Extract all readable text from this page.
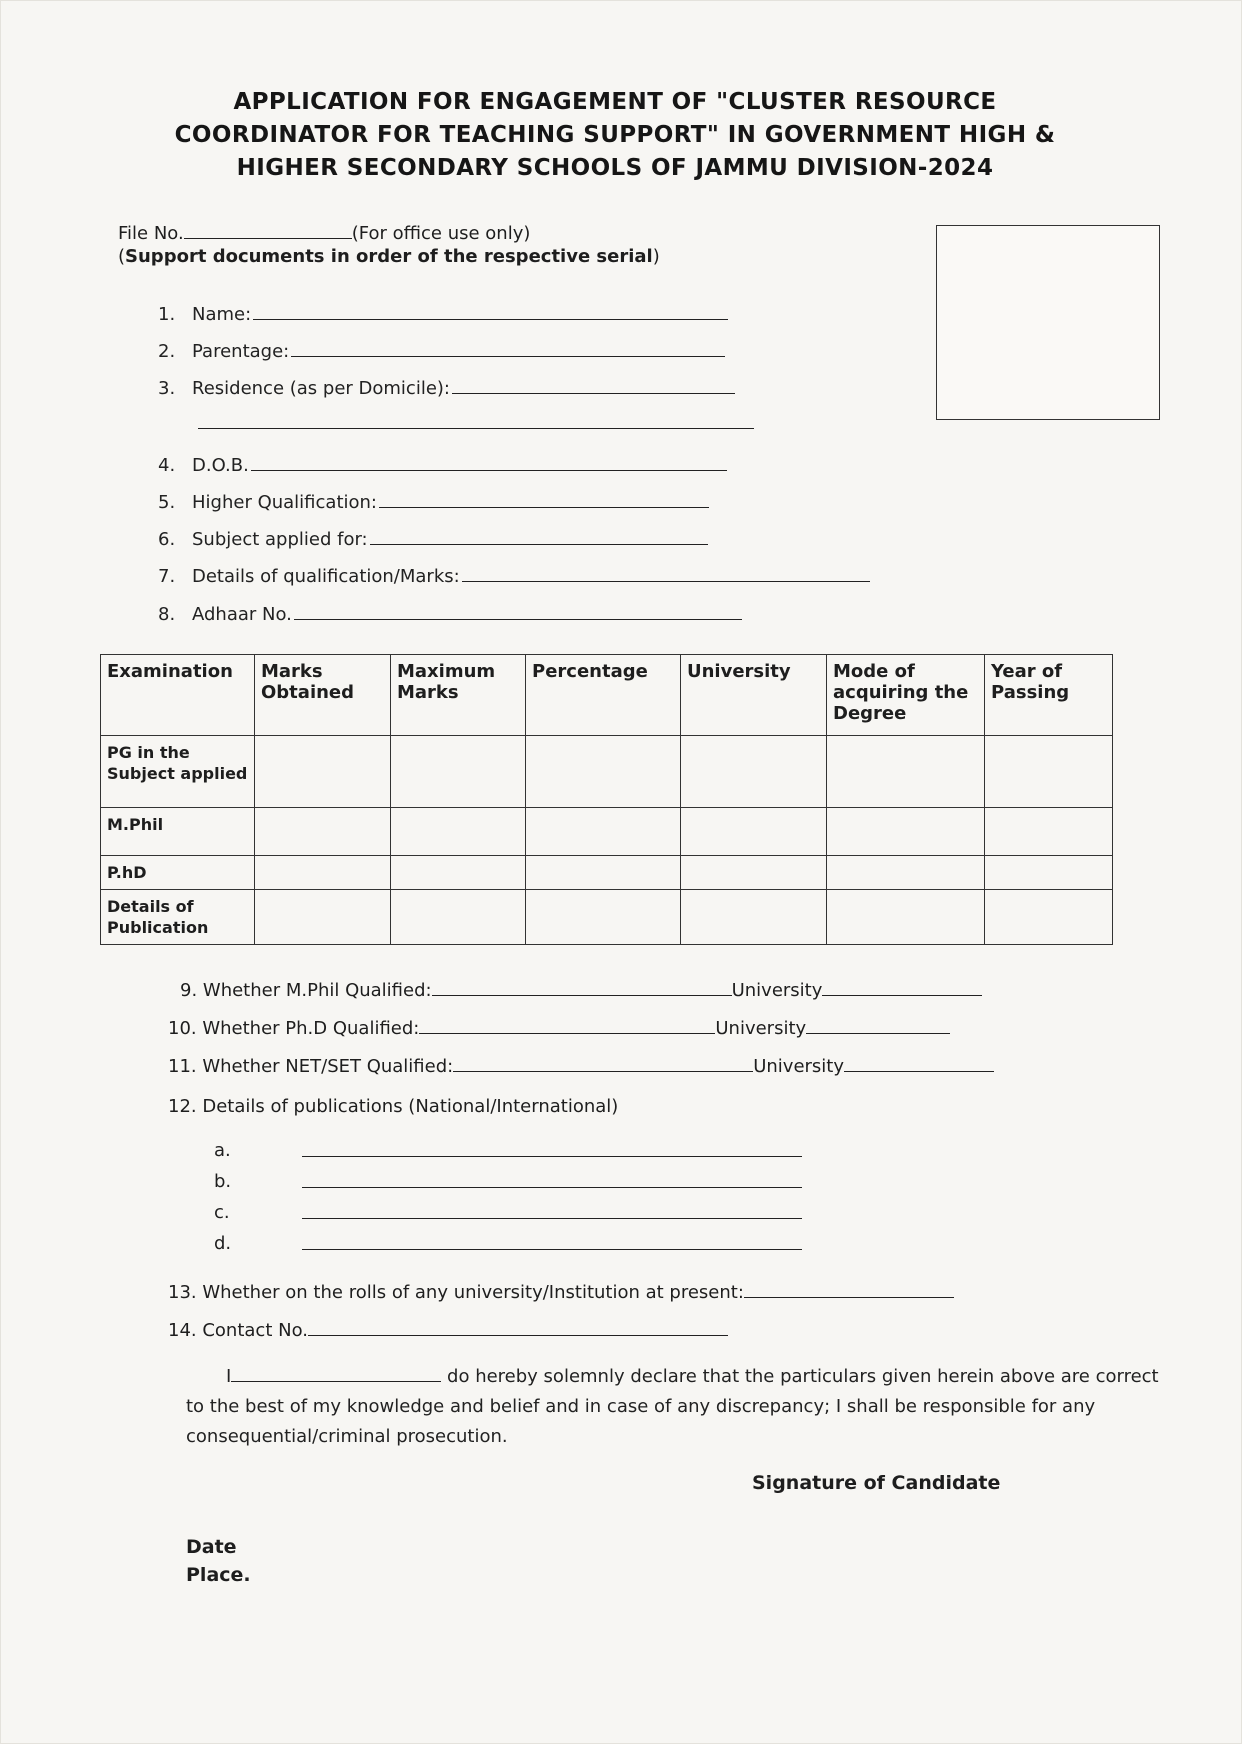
APPLICATION FOR ENGAGEMENT OF "CLUSTER RESOURCE
COORDINATOR FOR TEACHING SUPPORT" IN GOVERNMENT HIGH &
HIGHER SECONDARY SCHOOLS OF JAMMU DIVISION-2024
File No.	(For office use only)
(Support documents in order of the respective serial)
1. Name:
2. Parentage:
3. Residence (as per Domicile):
4. D.O.B.
5. Higher Qualification:
6. Subject applied for:
7. Details of qualification/Marks:
8. Adhaar No.
Examination	Marks Obtained	Maximum Marks	Percentage	University	Mode of acquiring the Degree	Year of Passing
PG in the Subject applied						
M.Phil						
P.hD						
Details of Publication						
9. Whether M.Phil Qualified:	University
10. Whether Ph.D Qualified:	University
11. Whether NET/SET Qualified:	University
12. Details of publications (National/International)
a.
b.
c.
d.
13. Whether on the rolls of any university/Institution at present:
14. Contact No.
I	do hereby solemnly declare that the particulars given herein above are correct to the best of my knowledge and belief and in case of any discrepancy; I shall be responsible for any consequential/criminal prosecution.
Signature of Candidate
Date
Place.
